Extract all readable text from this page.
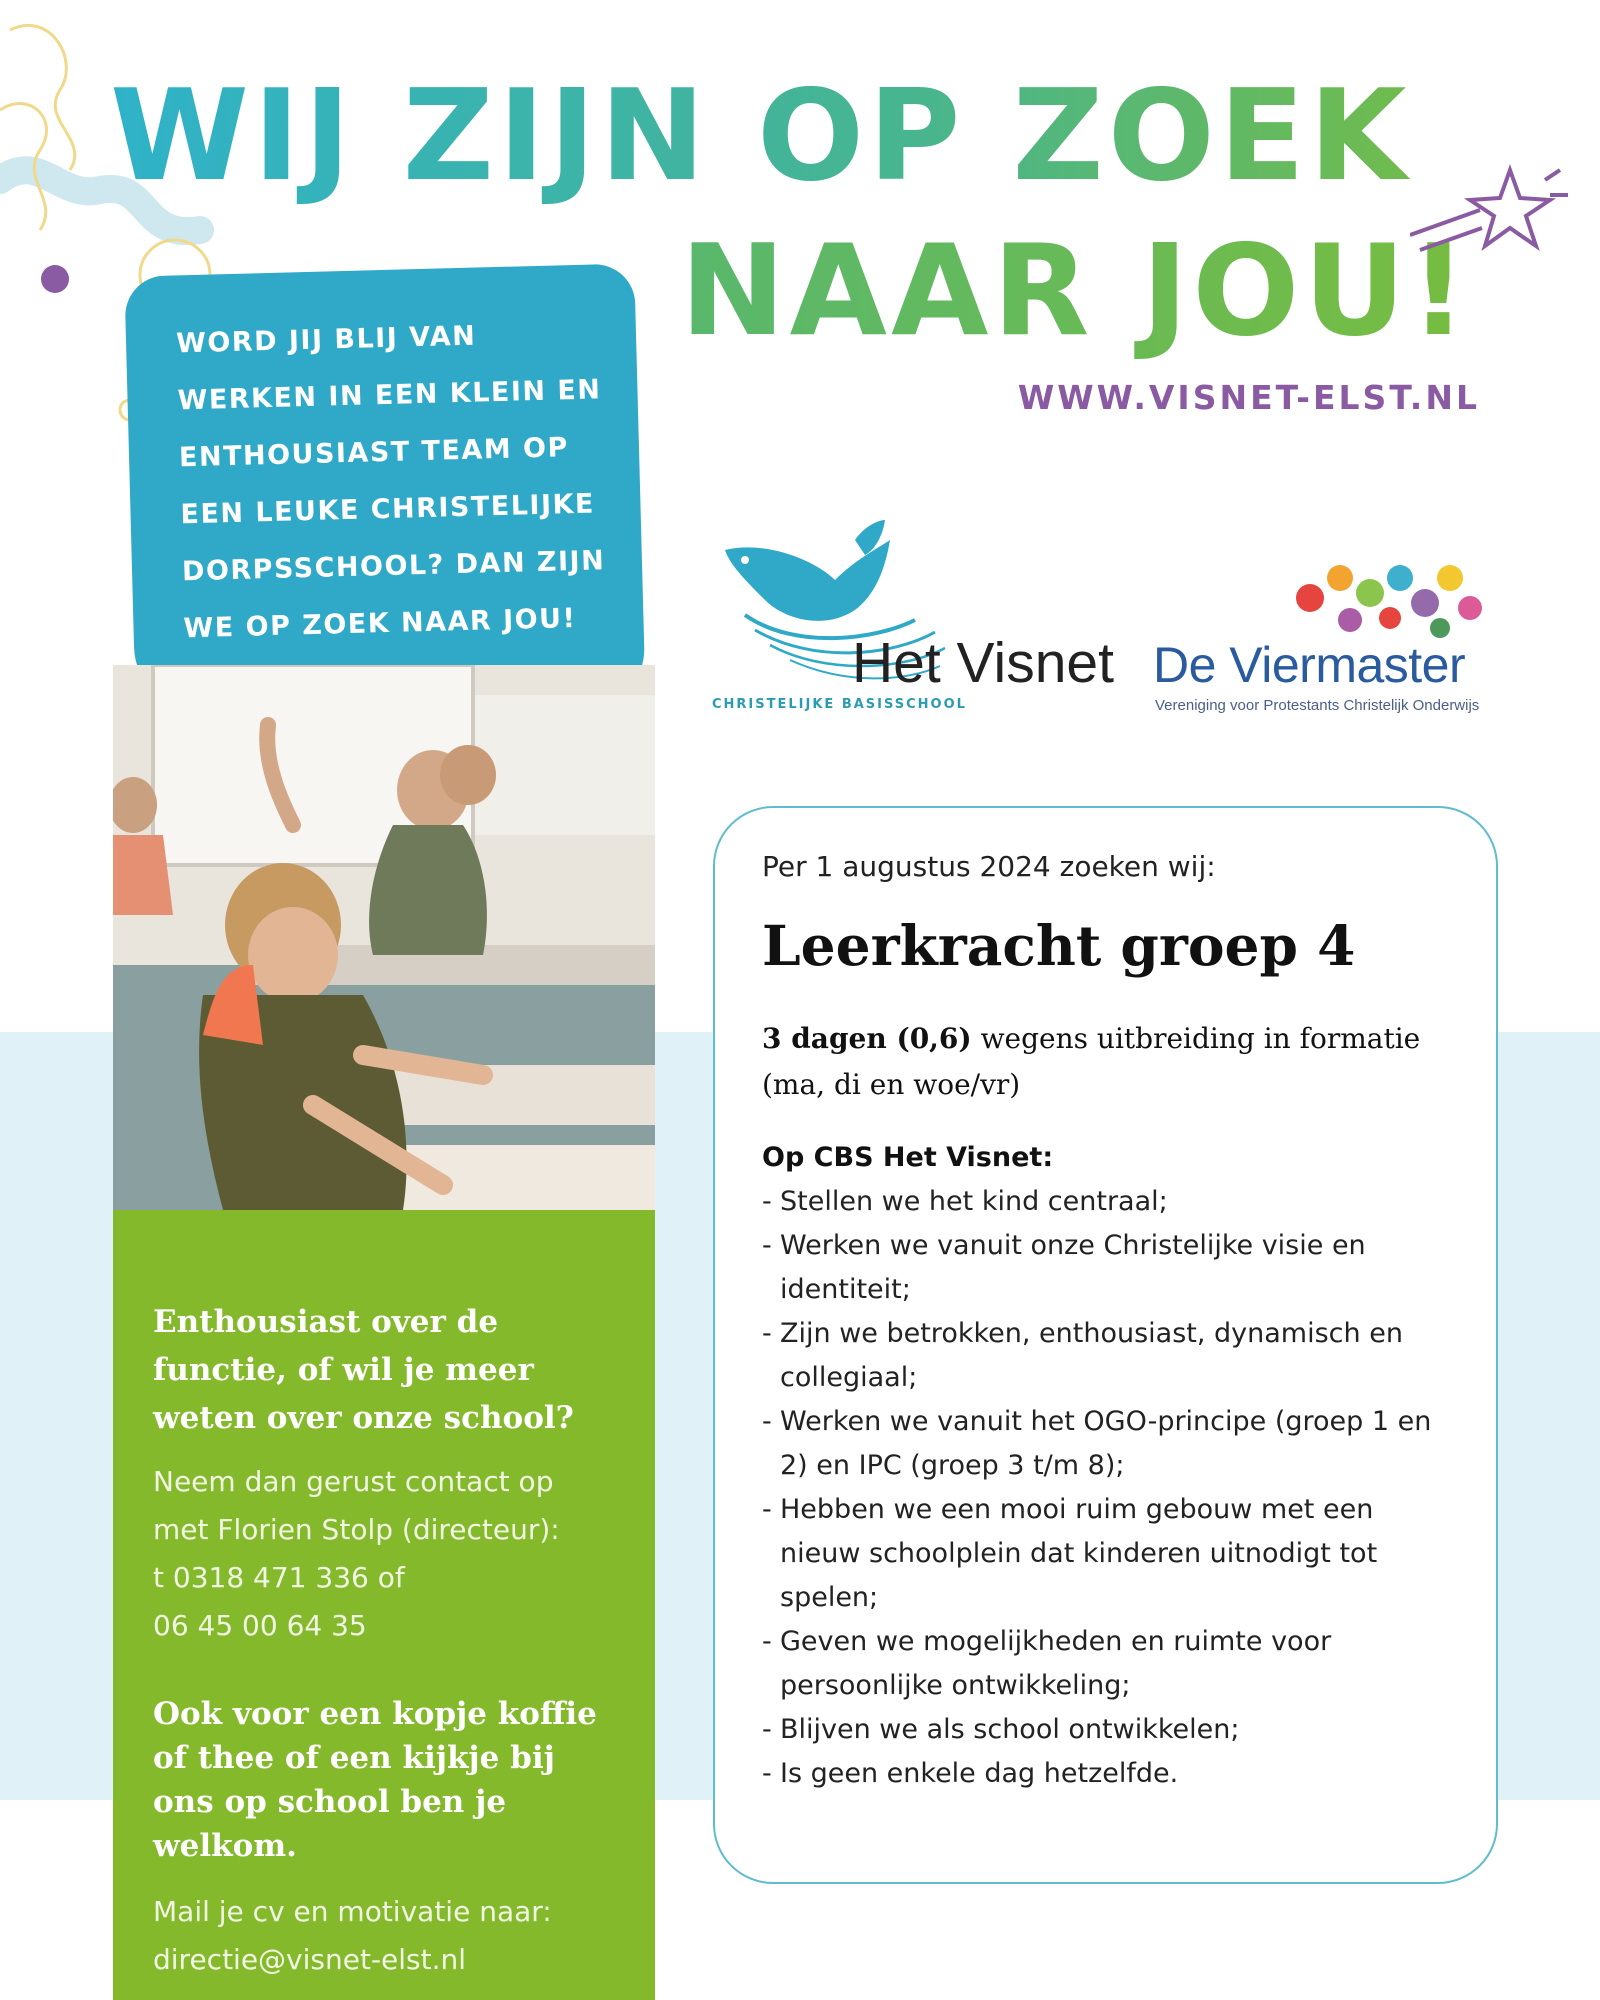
WIJ ZIJN OP ZOEK
NAAR JOU!

WWW.VISNET-ELST.NL

WORD JIJ BLIJ VAN

WERKEN IN EEN KLEIN EN

ENTHOUSIAST TEAM OP

EEN LEUKE CHRISTELIJKE

DORPSSCHOOL? DAN ZIJN

WE OP ZOEK NAAR JOU!

Enthousiast over de functie, of wil je meer weten over onze school?

Neem dan gerust contact op

met Florien Stolp (directeur):

t 0318 471 336 of

06 45 00 64 35

Ook voor een kopje koffie of thee of een kijkje bij ons op school ben je welkom.

Mail je cv en motivatie naar:

directie@visnet-elst.nl

Het Visnet

CHRISTELIJKE BASISSCHOOL

De Viermaster

Vereniging voor Protestants Christelijk Onderwijs

Per 1 augustus 2024 zoeken wij:

Leerkracht groep 4

3 dagen (0,6) wegens uitbreiding in formatie
(ma, di en woe/vr)

Op CBS Het Visnet:

- Stellen we het kind centraal;
- Werken we vanuit onze Christelijke visie en identiteit;
- Zijn we betrokken, enthousiast, dynamisch en collegiaal;
- Werken we vanuit het OGO-principe (groep 1 en 2) en IPC (groep 3 t/m 8);
- Hebben we een mooi ruim gebouw met een nieuw schoolplein dat kinderen uitnodigt tot spelen;
- Geven we mogelijkheden en ruimte voor persoonlijke ontwikkeling;
- Blijven we als school ontwikkelen;
- Is geen enkele dag hetzelfde.
